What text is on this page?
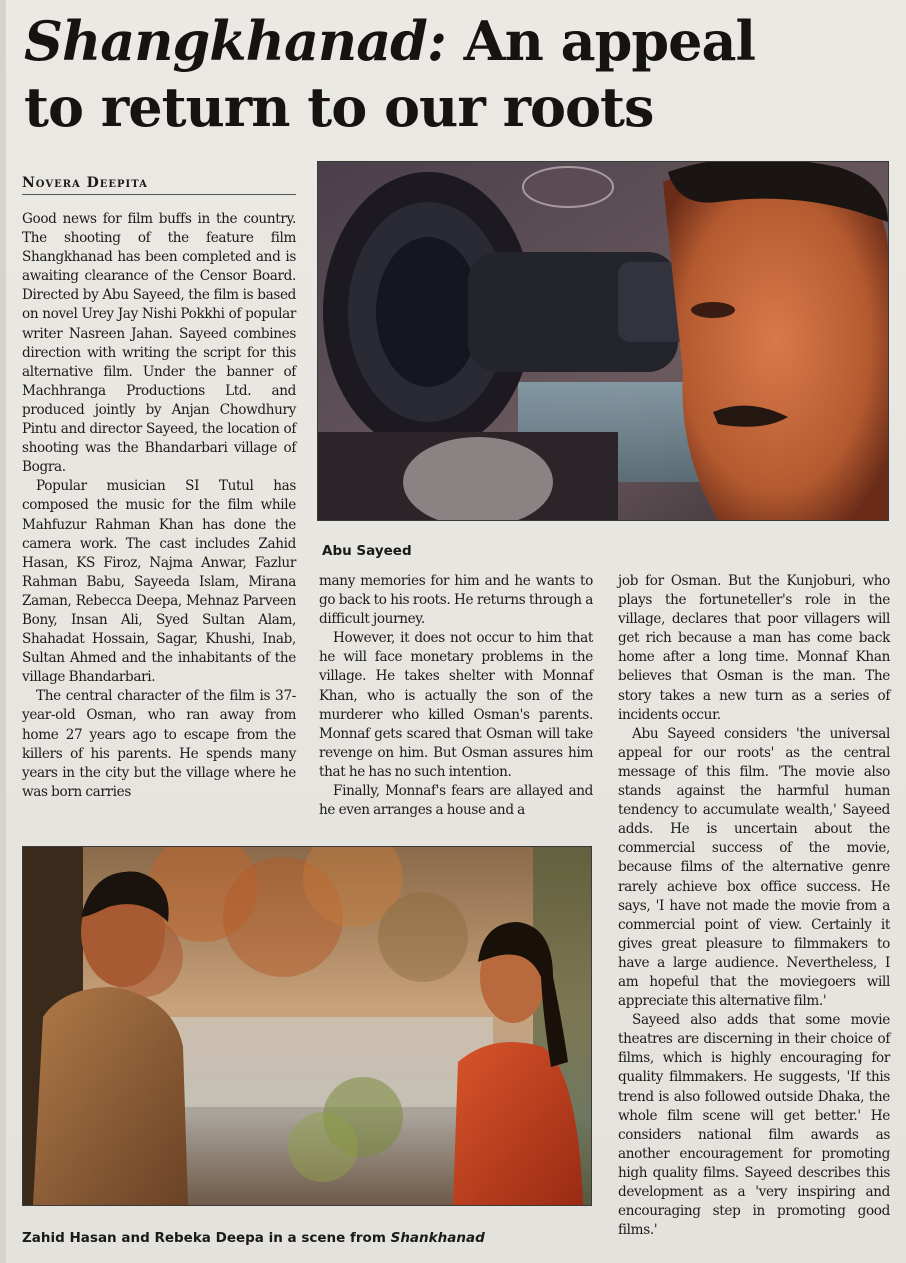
Shangkhanad: An appeal to return to our roots
Novera Deepita

Good news for film buffs in the country. The shooting of the feature film Shangkhanad has been completed and is awaiting clearance of the Censor Board. Directed by Abu Sayeed, the film is based on novel Urey Jay Nishi Pokkhi of popular writer Nasreen Jahan. Sayeed combines direction with writing the script for this alternative film. Under the banner of Machhranga Productions Ltd. and produced jointly by Anjan Chowdhury Pintu and director Sayeed, the location of shooting was the Bhandarbari village of Bogra.

Popular musician SI Tutul has composed the music for the film while Mahfuzur Rahman Khan has done the camera work. The cast includes Zahid Hasan, KS Firoz, Najma Anwar, Fazlur Rahman Babu, Sayeeda Islam, Mirana Zaman, Rebecca Deepa, Mehnaz Parveen Bony, Insan Ali, Syed Sultan Alam, Shahadat Hossain, Sagar, Khushi, Inab, Sultan Ahmed and the inhabitants of the village Bhandarbari.

The central character of the film is 37-year-old Osman, who ran away from home 27 years ago to escape from the killers of his parents. He spends many years in the city but the village where he was born carries

Abu Sayeed

many memories for him and he wants to go back to his roots. He returns through a difficult journey.

However, it does not occur to him that he will face monetary problems in the village. He takes shelter with Monnaf Khan, who is actually the son of the murderer who killed Osman's parents. Monnaf gets scared that Osman will take revenge on him. But Osman assures him that he has no such intention.

Finally, Monnaf's fears are allayed and he even arranges a house and a

job for Osman. But the Kunjoburi, who plays the fortuneteller's role in the village, declares that poor villagers will get rich because a man has come back home after a long time. Monnaf Khan believes that Osman is the man. The story takes a new turn as a series of incidents occur.

Abu Sayeed considers 'the universal appeal for our roots' as the central message of this film. 'The movie also stands against the harmful human tendency to accumulate wealth,' Sayeed adds. He is uncertain about the commercial success of the movie, because films of the alternative genre rarely achieve box office success. He says, 'I have not made the movie from a commercial point of view. Certainly it gives great pleasure to filmmakers to have a large audience. Nevertheless, I am hopeful that the moviegoers will appreciate this alternative film.'

Sayeed also adds that some movie theatres are discerning in their choice of films, which is highly encouraging for quality filmmakers. He suggests, 'If this trend is also followed outside Dhaka, the whole film scene will get better.' He considers national film awards as another encouragement for promoting high quality films. Sayeed describes this development as a 'very inspiring and encouraging step in promoting good films.'

Zahid Hasan and Rebeka Deepa in a scene from Shankhanad
